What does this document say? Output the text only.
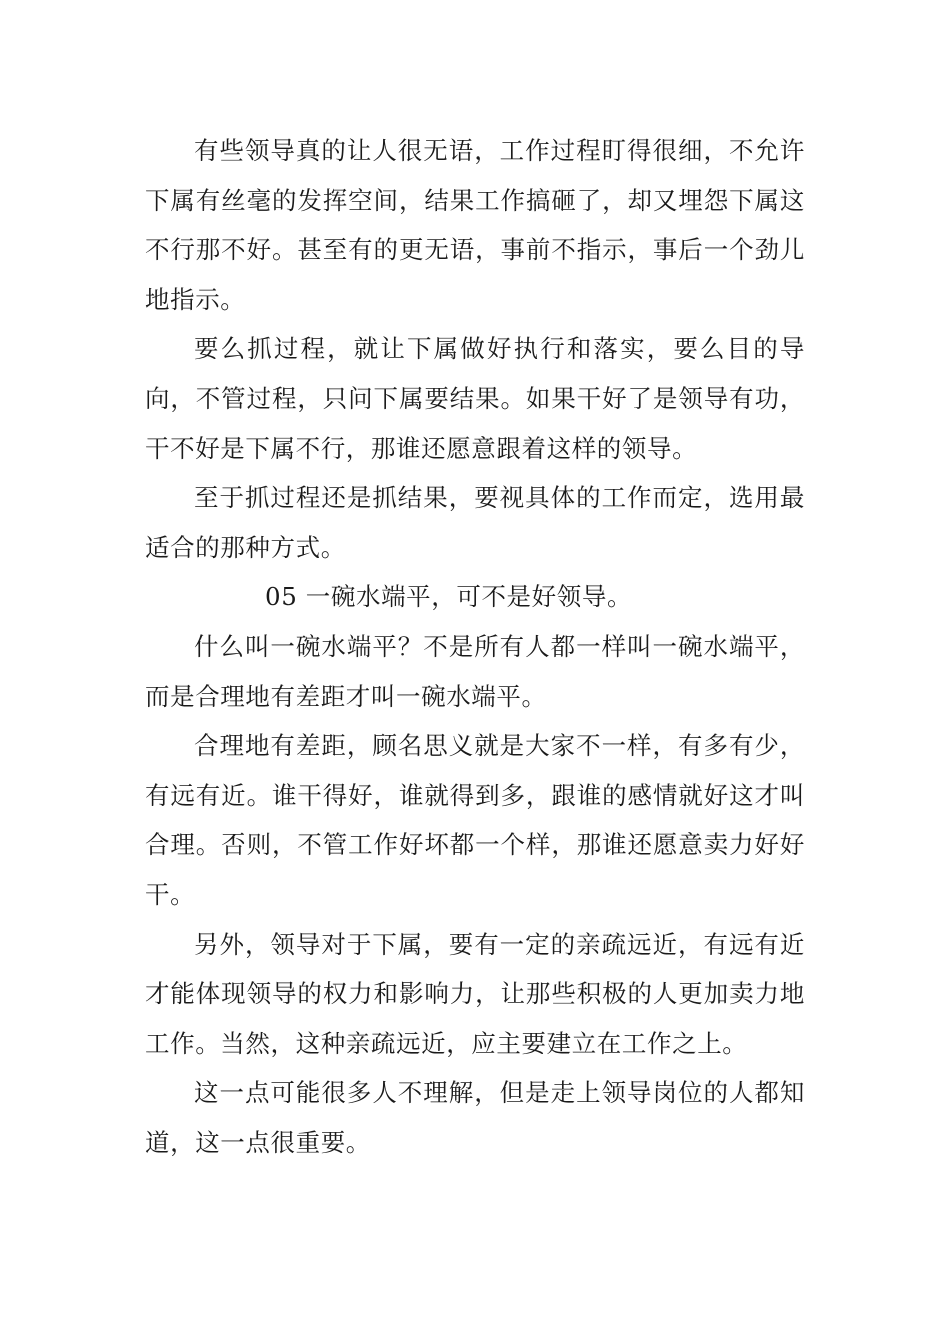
有些领导真的让人很无语，工作过程盯得很细，不允许下属有丝毫的发挥空间，结果工作搞砸了，却又埋怨下属这不行那不好。甚至有的更无语，事前不指示，事后一个劲儿地指示。

要么抓过程，就让下属做好执行和落实，要么目的导向，不管过程，只问下属要结果。如果干好了是领导有功，干不好是下属不行，那谁还愿意跟着这样的领导。

至于抓过程还是抓结果，要视具体的工作而定，选用最适合的那种方式。

05 一碗水端平，可不是好领导。

什么叫一碗水端平？不是所有人都一样叫一碗水端平，而是合理地有差距才叫一碗水端平。

合理地有差距，顾名思义就是大家不一样，有多有少，有远有近。谁干得好，谁就得到多，跟谁的感情就好这才叫合理。否则，不管工作好坏都一个样，那谁还愿意卖力好好干。

另外，领导对于下属，要有一定的亲疏远近，有远有近才能体现领导的权力和影响力，让那些积极的人更加卖力地工作。当然，这种亲疏远近，应主要建立在工作之上。

这一点可能很多人不理解，但是走上领导岗位的人都知道，这一点很重要。
